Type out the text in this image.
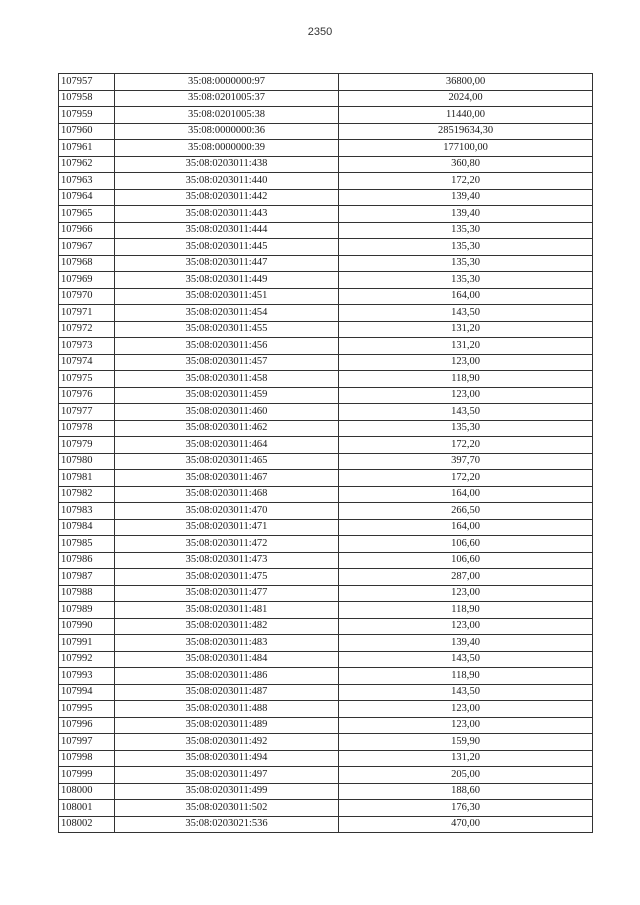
2350
107957	35:08:0000000:97	36800,00
107958	35:08:0201005:37	2024,00
107959	35:08:0201005:38	11440,00
107960	35:08:0000000:36	28519634,30
107961	35:08:0000000:39	177100,00
107962	35:08:0203011:438	360,80
107963	35:08:0203011:440	172,20
107964	35:08:0203011:442	139,40
107965	35:08:0203011:443	139,40
107966	35:08:0203011:444	135,30
107967	35:08:0203011:445	135,30
107968	35:08:0203011:447	135,30
107969	35:08:0203011:449	135,30
107970	35:08:0203011:451	164,00
107971	35:08:0203011:454	143,50
107972	35:08:0203011:455	131,20
107973	35:08:0203011:456	131,20
107974	35:08:0203011:457	123,00
107975	35:08:0203011:458	118,90
107976	35:08:0203011:459	123,00
107977	35:08:0203011:460	143,50
107978	35:08:0203011:462	135,30
107979	35:08:0203011:464	172,20
107980	35:08:0203011:465	397,70
107981	35:08:0203011:467	172,20
107982	35:08:0203011:468	164,00
107983	35:08:0203011:470	266,50
107984	35:08:0203011:471	164,00
107985	35:08:0203011:472	106,60
107986	35:08:0203011:473	106,60
107987	35:08:0203011:475	287,00
107988	35:08:0203011:477	123,00
107989	35:08:0203011:481	118,90
107990	35:08:0203011:482	123,00
107991	35:08:0203011:483	139,40
107992	35:08:0203011:484	143,50
107993	35:08:0203011:486	118,90
107994	35:08:0203011:487	143,50
107995	35:08:0203011:488	123,00
107996	35:08:0203011:489	123,00
107997	35:08:0203011:492	159,90
107998	35:08:0203011:494	131,20
107999	35:08:0203011:497	205,00
108000	35:08:0203011:499	188,60
108001	35:08:0203011:502	176,30
108002	35:08:0203021:536	470,00
